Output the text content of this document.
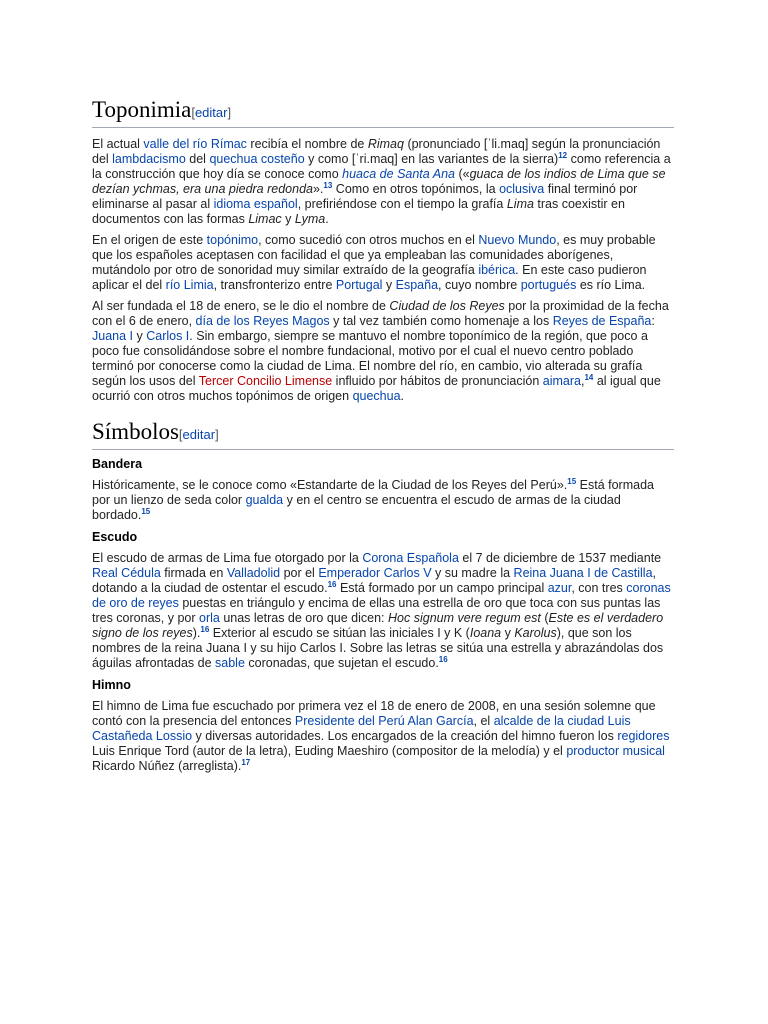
Toponimia[editar]

El actual valle del río Rímac recibía el nombre de Rimaq (pronunciado [ˈli.maq] según la pronunciación del lambdacismo del quechua costeño y como [ˈri.maq] en las variantes de la sierra)$^{12}$ como referencia a la construcción que hoy día se conoce como huaca de Santa Ana («guaca de los indios de Lima que se dezían ychmas, era una piedra redonda».$^{13}$ Como en otros topónimos, la oclusiva final terminó por eliminarse al pasar al idioma español, prefiriéndose con el tiempo la grafía Lima tras coexistir en documentos con las formas Limac y Lyma.

En el origen de este topónimo, como sucedió con otros muchos en el Nuevo Mundo, es muy probable que los españoles aceptasen con facilidad el que ya empleaban las comunidades aborígenes, mutándolo por otro de sonoridad muy similar extraído de la geografía ibérica. En este caso pudieron aplicar el del río Limia, transfronterizo entre Portugal y España, cuyo nombre portugués es río Lima.

Al ser fundada el 18 de enero, se le dio el nombre de Ciudad de los Reyes por la proximidad de la fecha con el 6 de enero, día de los Reyes Magos y tal vez también como homenaje a los Reyes de España: Juana I y Carlos I. Sin embargo, siempre se mantuvo el nombre toponímico de la región, que poco a poco fue consolidándose sobre el nombre fundacional, motivo por el cual el nuevo centro poblado terminó por conocerse como la ciudad de Lima. El nombre del río, en cambio, vio alterada su grafía según los usos del Tercer Concilio Limense influido por hábitos de pronunciación aimara,$^{14}$ al igual que ocurrió con otros muchos topónimos de origen quechua.

Símbolos[editar]
Bandera

Históricamente, se le conoce como «Estandarte de la Ciudad de los Reyes del Perú».$^{15}$ Está formada por un lienzo de seda color gualda y en el centro se encuentra el escudo de armas de la ciudad bordado.$^{15}$

Escudo

El escudo de armas de Lima fue otorgado por la Corona Española el 7 de diciembre de 1537 mediante Real Cédula firmada en Valladolid por el Emperador Carlos V y su madre la Reina Juana I de Castilla, dotando a la ciudad de ostentar el escudo.$^{16}$ Está formado por un campo principal azur, con tres coronas de oro de reyes puestas en triángulo y encima de ellas una estrella de oro que toca con sus puntas las tres coronas, y por orla unas letras de oro que dicen: Hoc signum vere regum est (Este es el verdadero signo de los reyes).$^{16}$ Exterior al escudo se sitúan las iniciales I y K (Ioana y Karolus), que son los nombres de la reina Juana I y su hijo Carlos I. Sobre las letras se sitúa una estrella y abrazándolas dos águilas afrontadas de sable coronadas, que sujetan el escudo.$^{16}$

Himno

El himno de Lima fue escuchado por primera vez el 18 de enero de 2008, en una sesión solemne que contó con la presencia del entonces Presidente del Perú Alan García, el alcalde de la ciudad Luis Castañeda Lossio y diversas autoridades. Los encargados de la creación del himno fueron los regidores Luis Enrique Tord (autor de la letra), Euding Maeshiro (compositor de la melodía) y el productor musical Ricardo Núñez (arreglista).$^{17}$
